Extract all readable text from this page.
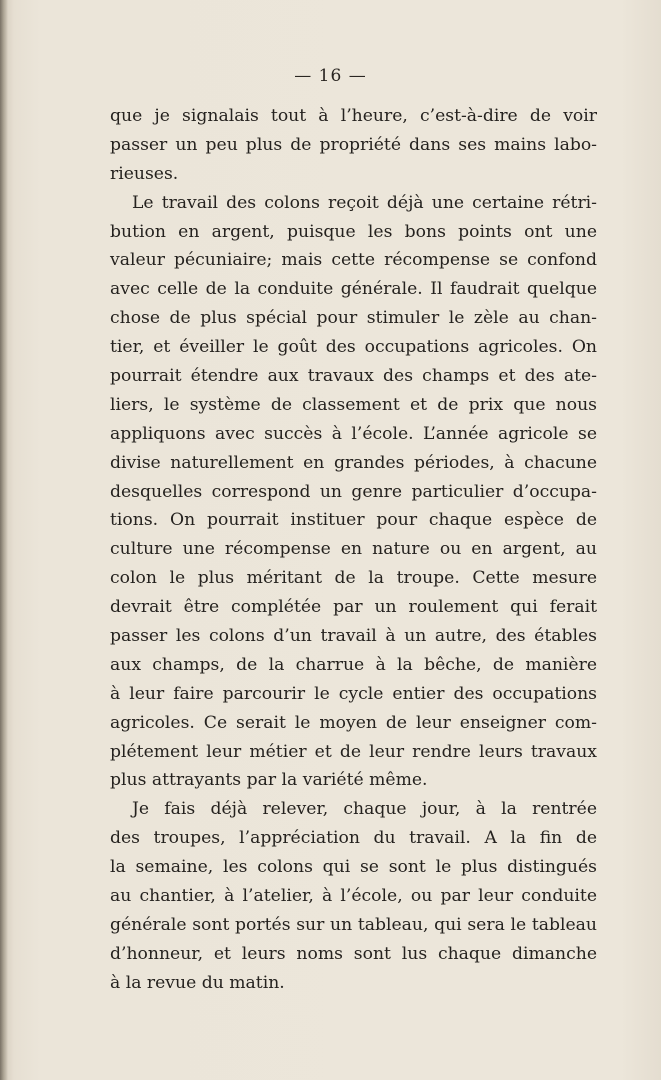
— 16 —
que je signalais tout à l’heure, c’est-à-dire de voir
passer un peu plus de propriété dans ses mains labo-
rieuses.
Le travail des colons reçoit déjà une certaine rétri-
bution en argent, puisque les bons points ont une
valeur pécuniaire; mais cette récompense se confond
avec celle de la conduite générale. Il faudrait quelque
chose de plus spécial pour stimuler le zèle au chan-
tier, et éveiller le goût des occupations agricoles. On
pourrait étendre aux travaux des champs et des ate-
liers, le système de classement et de prix que nous
appliquons avec succès à l’école. L’année agricole se
divise naturellement en grandes périodes, à chacune
desquelles correspond un genre particulier d’occupa-
tions. On pourrait instituer pour chaque espèce de
culture une récompense en nature ou en argent, au
colon le plus méritant de la troupe. Cette mesure
devrait être complétée par un roulement qui ferait
passer les colons d’un travail à un autre, des étables
aux champs, de la charrue à la bêche, de manière
à leur faire parcourir le cycle entier des occupations
agricoles. Ce serait le moyen de leur enseigner com-
plétement leur métier et de leur rendre leurs travaux
plus attrayants par la variété même.
Je fais déjà relever, chaque jour, à la rentrée
des troupes, l’appréciation du travail. A la fin de
la semaine, les colons qui se sont le plus distingués
au chantier, à l’atelier, à l’école, ou par leur conduite
générale sont portés sur un tableau, qui sera le tableau
d’honneur, et leurs noms sont lus chaque dimanche
à la revue du matin.
